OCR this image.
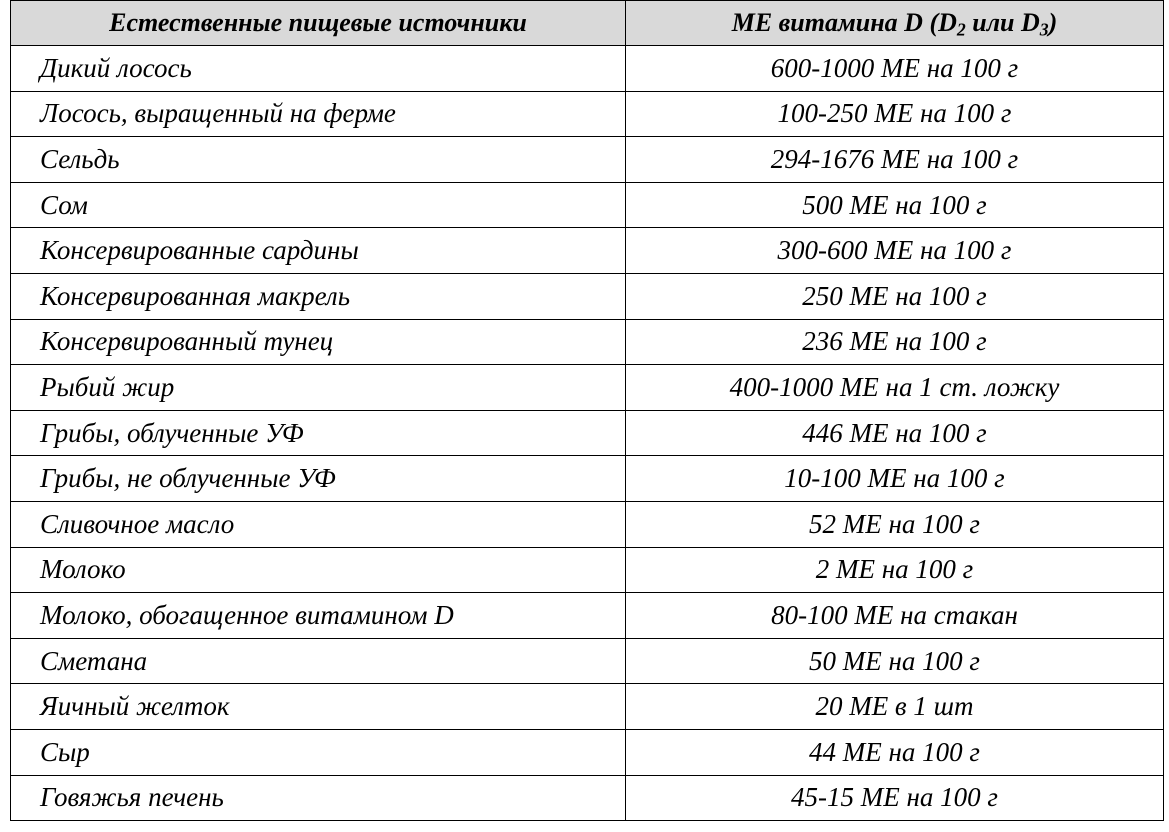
Естественные пищевые источники	МЕ витамина D ($D_2$ или $D_3$)
Дикий лосось	600-1000 МЕ на 100 г
Лосось, выращенный на ферме	100-250 МЕ на 100 г
Сельдь	294-1676 МЕ на 100 г
Сом	500 МЕ на 100 г
Консервированные сардины	300-600 МЕ на 100 г
Консервированная макрель	250 МЕ на 100 г
Консервированный тунец	236 МЕ на 100 г
Рыбий жир	400-1000 МЕ на 1 ст. ложку
Грибы, облученные УФ	446 МЕ на 100 г
Грибы, не облученные УФ	10-100 МЕ на 100 г
Сливочное масло	52 МЕ на 100 г
Молоко	2 МЕ на 100 г
Молоко, обогащенное витамином D	80-100 МЕ на стакан
Сметана	50 МЕ на 100 г
Яичный желток	20 МЕ в 1 шт
Сыр	44 МЕ на 100 г
Говяжья печень	45-15 МЕ на 100 г
